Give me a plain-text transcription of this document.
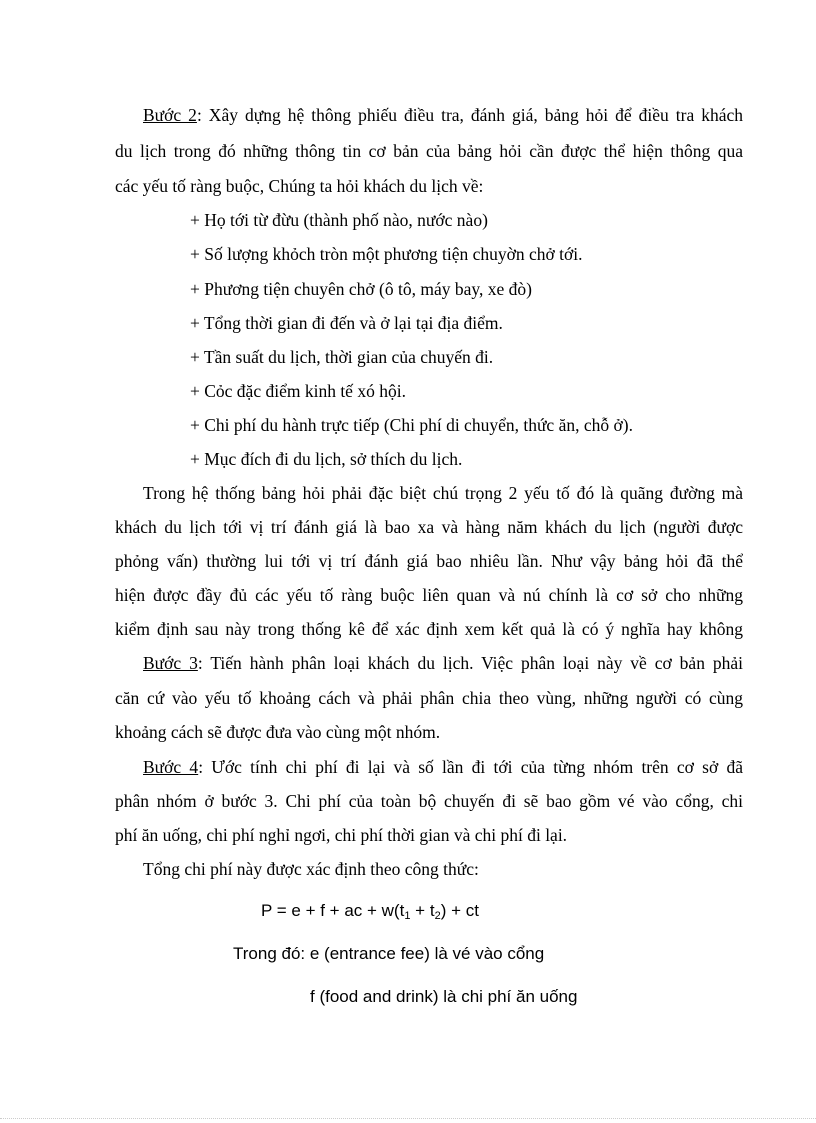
Bước 2: Xây dựng hệ thông phiếu điều tra, đánh giá, bảng hỏi để điều tra khách

du lịch trong đó những thông tin cơ bản của bảng hỏi cần được thể hiện thông qua

các yếu tố ràng buộc, Chúng ta hỏi khách du lịch về:

+ Họ tới từ đừu (thành phố nào, nước nào)

+ Số lượng khỏch tròn một phương tiện chuyờn chở tới.

+ Phương tiện chuyên chở (ô tô, máy bay, xe đò)

+ Tổng thời gian đi đến và ở lại tại địa điểm.

+ Tần suất du lịch, thời gian của chuyến đi.

+ Cỏc đặc điểm kinh tế xó hội.

+ Chi phí du hành trực tiếp (Chi phí di chuyển, thức ăn, chỗ ở).

+ Mục đích đi du lịch, sở thích du lịch.

Trong hệ thống bảng hỏi phải đặc biệt chú trọng 2 yếu tố đó là quãng đường mà

khách du lịch tới vị trí đánh giá là bao xa và hàng năm khách du lịch (người được

phỏng vấn) thường lui tới vị trí đánh giá bao nhiêu lần. Như vậy bảng hỏi đã thể

hiện được đầy đủ các yếu tố ràng buộc liên quan và nú chính là cơ sở cho những

kiểm định sau này trong thống kê để xác định xem kết quả là có ý nghĩa hay không

Bước 3: Tiến hành phân loại khách du lịch. Việc phân loại này về cơ bản phải

căn cứ vào yếu tố khoảng cách và phải phân chia theo vùng, những người có cùng

khoảng cách sẽ được đưa vào cùng một nhóm.

Bước 4: Ước tính chi phí đi lại và số lần đi tới của từng nhóm trên cơ sở đã

phân nhóm ở bước 3. Chi phí của toàn bộ chuyến đi sẽ bao gồm vé vào cổng, chi

phí ăn uống, chi phí nghỉ ngơi, chi phí thời gian và chi phí đi lại.

Tổng chi phí này được xác định theo công thức:

P = e + f + ac + $w(t_1 + t_2)$ + ct

Trong đó: e (entrance fee) là vé vào cổng

f (food and drink) là chi phí ăn uống
